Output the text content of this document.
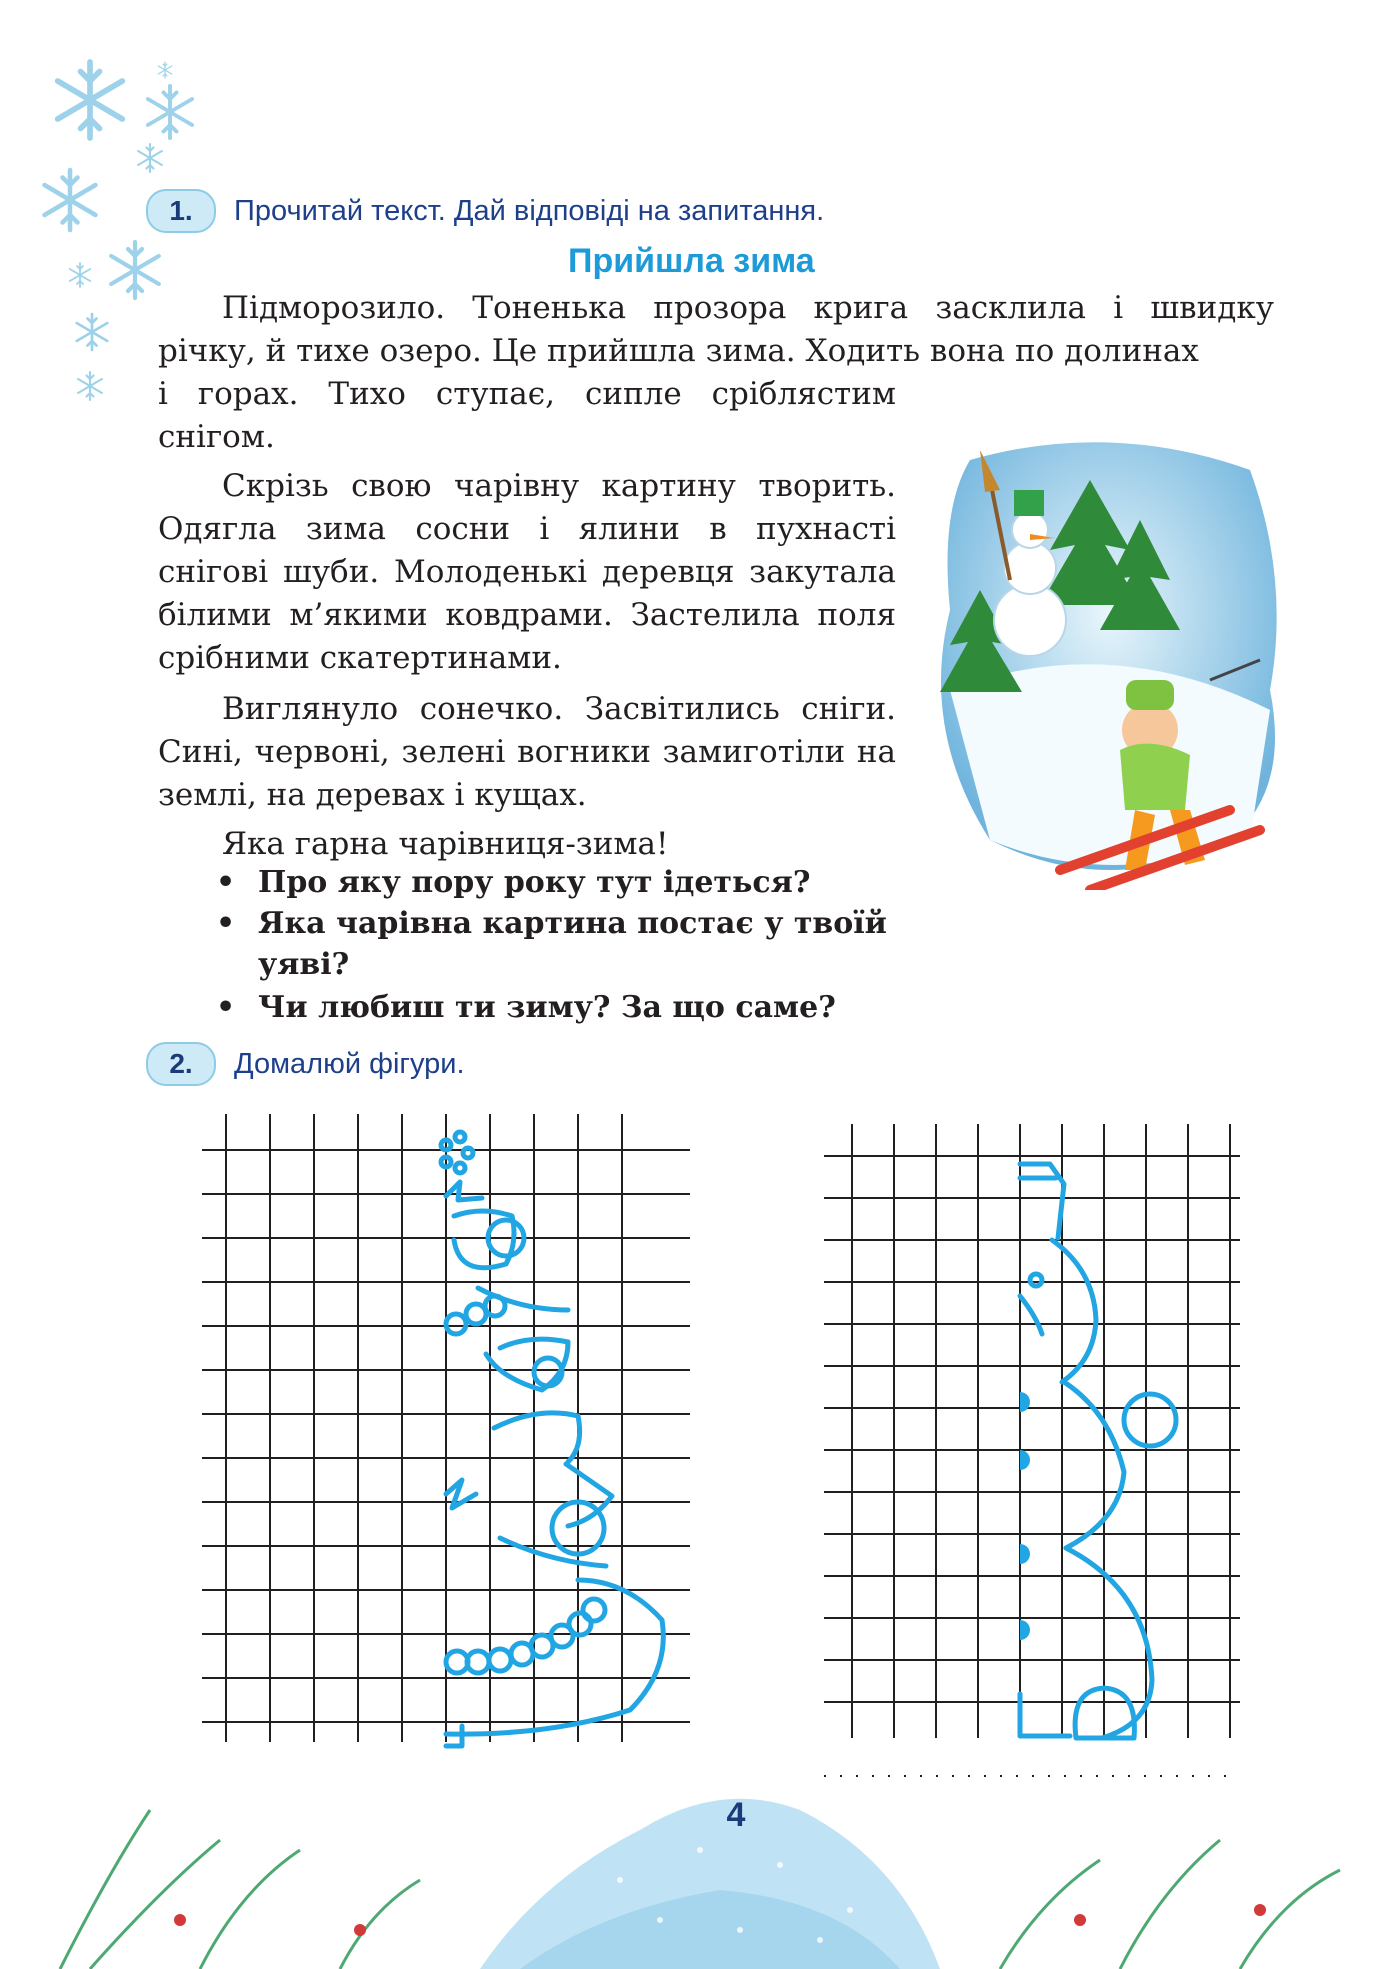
1.	Прочитай текст. Дай відповіді на запитання.
Прийшла зима
Підморозило. Тоненька прозора крига засклила і швидку річку, й тихе озеро. Це прийшла зима. Ходить вона по долинах
і горах. Тихо ступає, сипле сріблястим снігом.
Скрізь свою чарівну картину творить. Одягла зима сосни і ялини в пухнасті снігові шуби. Молоденькі деревця закутала білими м’якими ковдрами. Застелила поля срібними скатертинами.
Виглянуло сонечко. Засвітились сніги. Сині, червоні, зелені вогники замиготіли на землі, на деревах і кущах.
Яка гарна чарівниця-зима!
• Про яку пору року тут ідеться?
• Яка чарівна картина постає у твоїй уяві?
• Чи любиш ти зиму? За що саме?
2.	Домалюй фігури.
4
